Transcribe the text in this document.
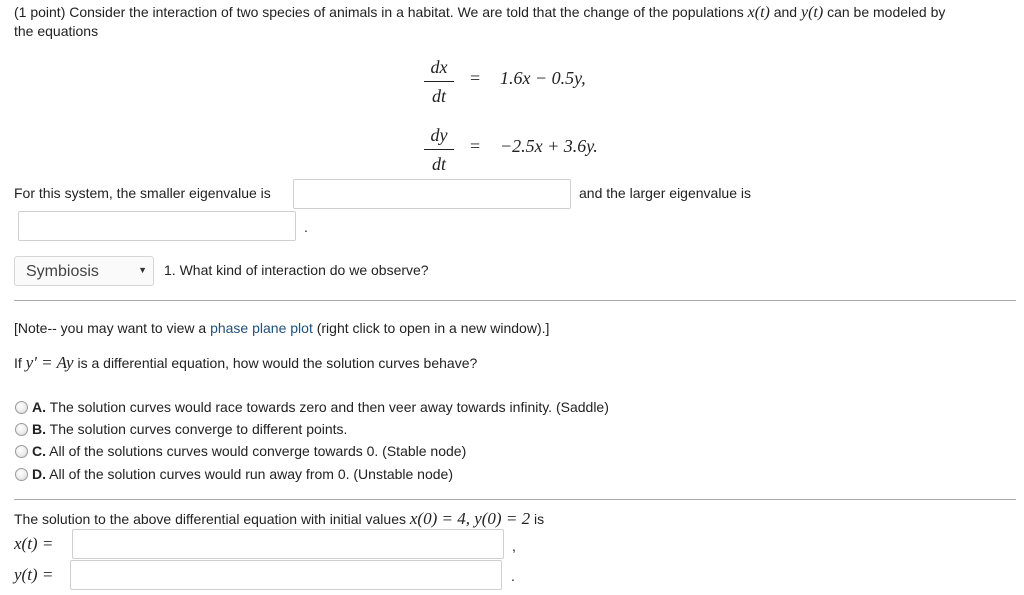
(1 point) Consider the interaction of two species of animals in a habitat. We are told that the change of the populations x(t) and y(t) can be modeled by
the equations
dx
dt
= 1.6x − 0.5y,
dy
dt
= −2.5x + 3.6y.
For this system, the smaller eigenvalue is	and the larger eigenvalue is
.
Symbiosis	▼ 1. What kind of interaction do we observe?
[Note-- you may want to view a phase plane plot (right click to open in a new window).]
If y′ = Ay is a differential equation, how would the solution curves behave?
A. The solution curves would race towards zero and then veer away towards infinity. (Saddle)
B. The solution curves converge to different points.
C. All of the solutions curves would converge towards 0. (Stable node)
D. All of the solution curves would run away from 0. (Unstable node)
The solution to the above differential equation with initial values x(0) = 4, y(0) = 2 is
x(t) =	,
y(t) =	.
